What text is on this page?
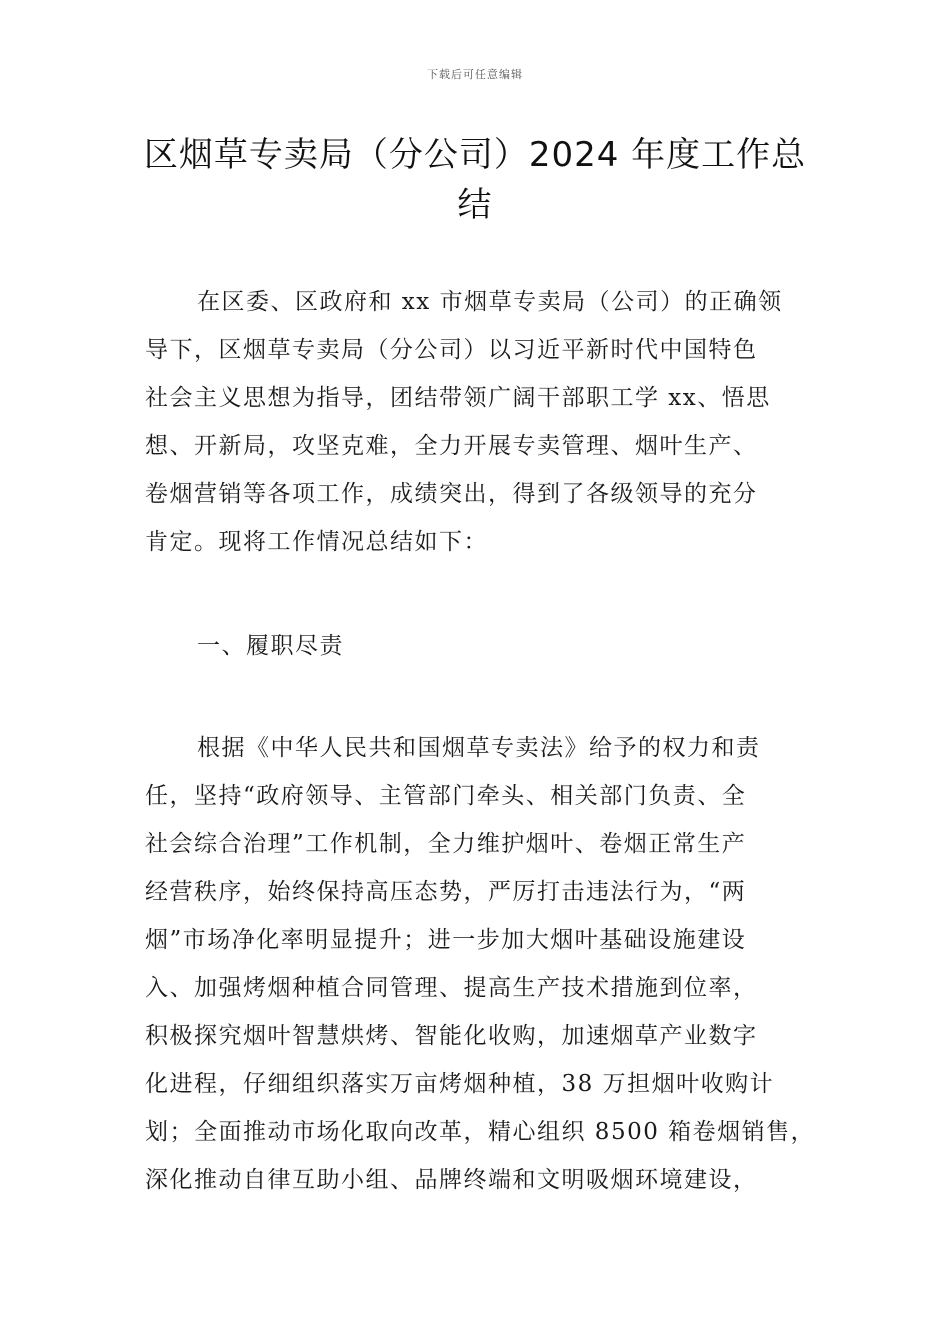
下载后可任意编辑
区烟草专卖局（分公司）2024 年度工作总
结
在区委、区政府和 xx 市烟草专卖局（公司）的正确领
导下，区烟草专卖局（分公司）以习近平新时代中国特色
社会主义思想为指导，团结带领广阔干部职工学 xx、悟思
想、开新局，攻坚克难，全力开展专卖管理、烟叶生产、
卷烟营销等各项工作，成绩突出，得到了各级领导的充分
肯定。现将工作情况总结如下：
一、履职尽责
根据《中华人民共和国烟草专卖法》给予的权力和责
任，坚持“政府领导、主管部门牵头、相关部门负责、全
社会综合治理”工作机制，全力维护烟叶、卷烟正常生产
经营秩序，始终保持高压态势，严厉打击违法行为，“两
烟”市场净化率明显提升；进一步加大烟叶基础设施建设
入、加强烤烟种植合同管理、提高生产技术措施到位率，
积极探究烟叶智慧烘烤、智能化收购，加速烟草产业数字
化进程，仔细组织落实万亩烤烟种植，38 万担烟叶收购计
划；全面推动市场化取向改革，精心组织 8500 箱卷烟销售，
深化推动自律互助小组、品牌终端和文明吸烟环境建设，
